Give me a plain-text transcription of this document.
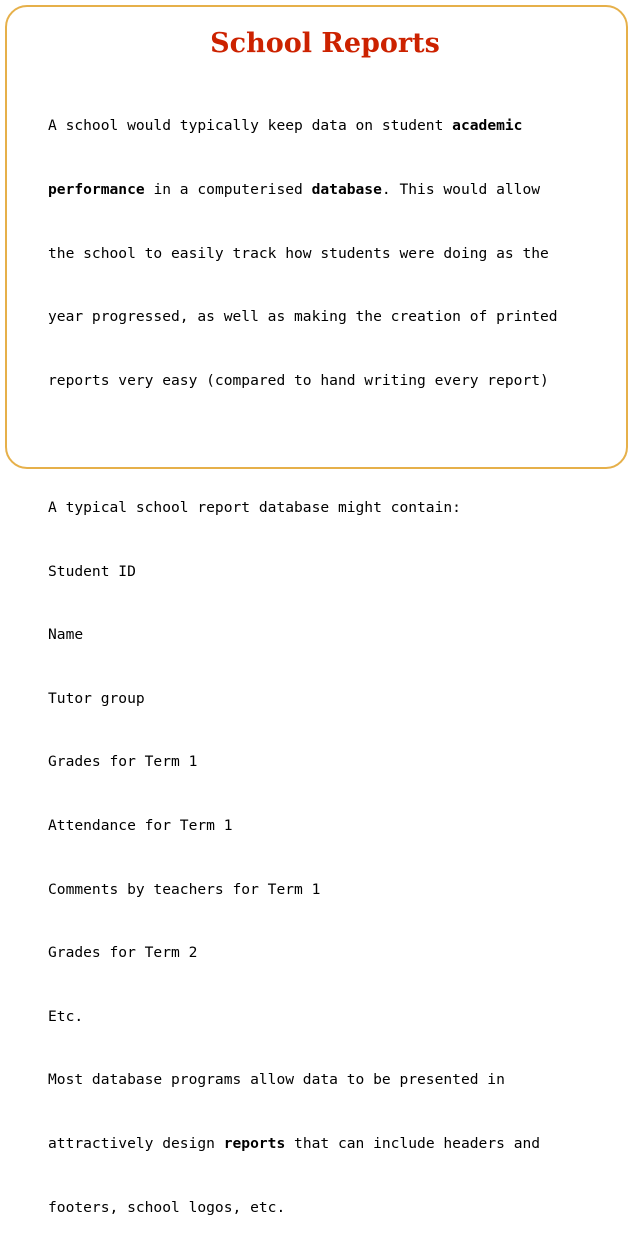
School Reports

A school would typically keep data on student academic

performance in a computerised database. This would allow

the school to easily track how students were doing as the

year progressed, as well as making the creation of printed

reports very easy (compared to hand writing every report)

A typical school report database might contain:

Student ID

Name

Tutor group

Grades for Term 1

Attendance for Term 1

Comments by teachers for Term 1

Grades for Term 2

Etc.

Most database programs allow data to be presented in

attractively design reports that can include headers and

footers, school logos, etc.
